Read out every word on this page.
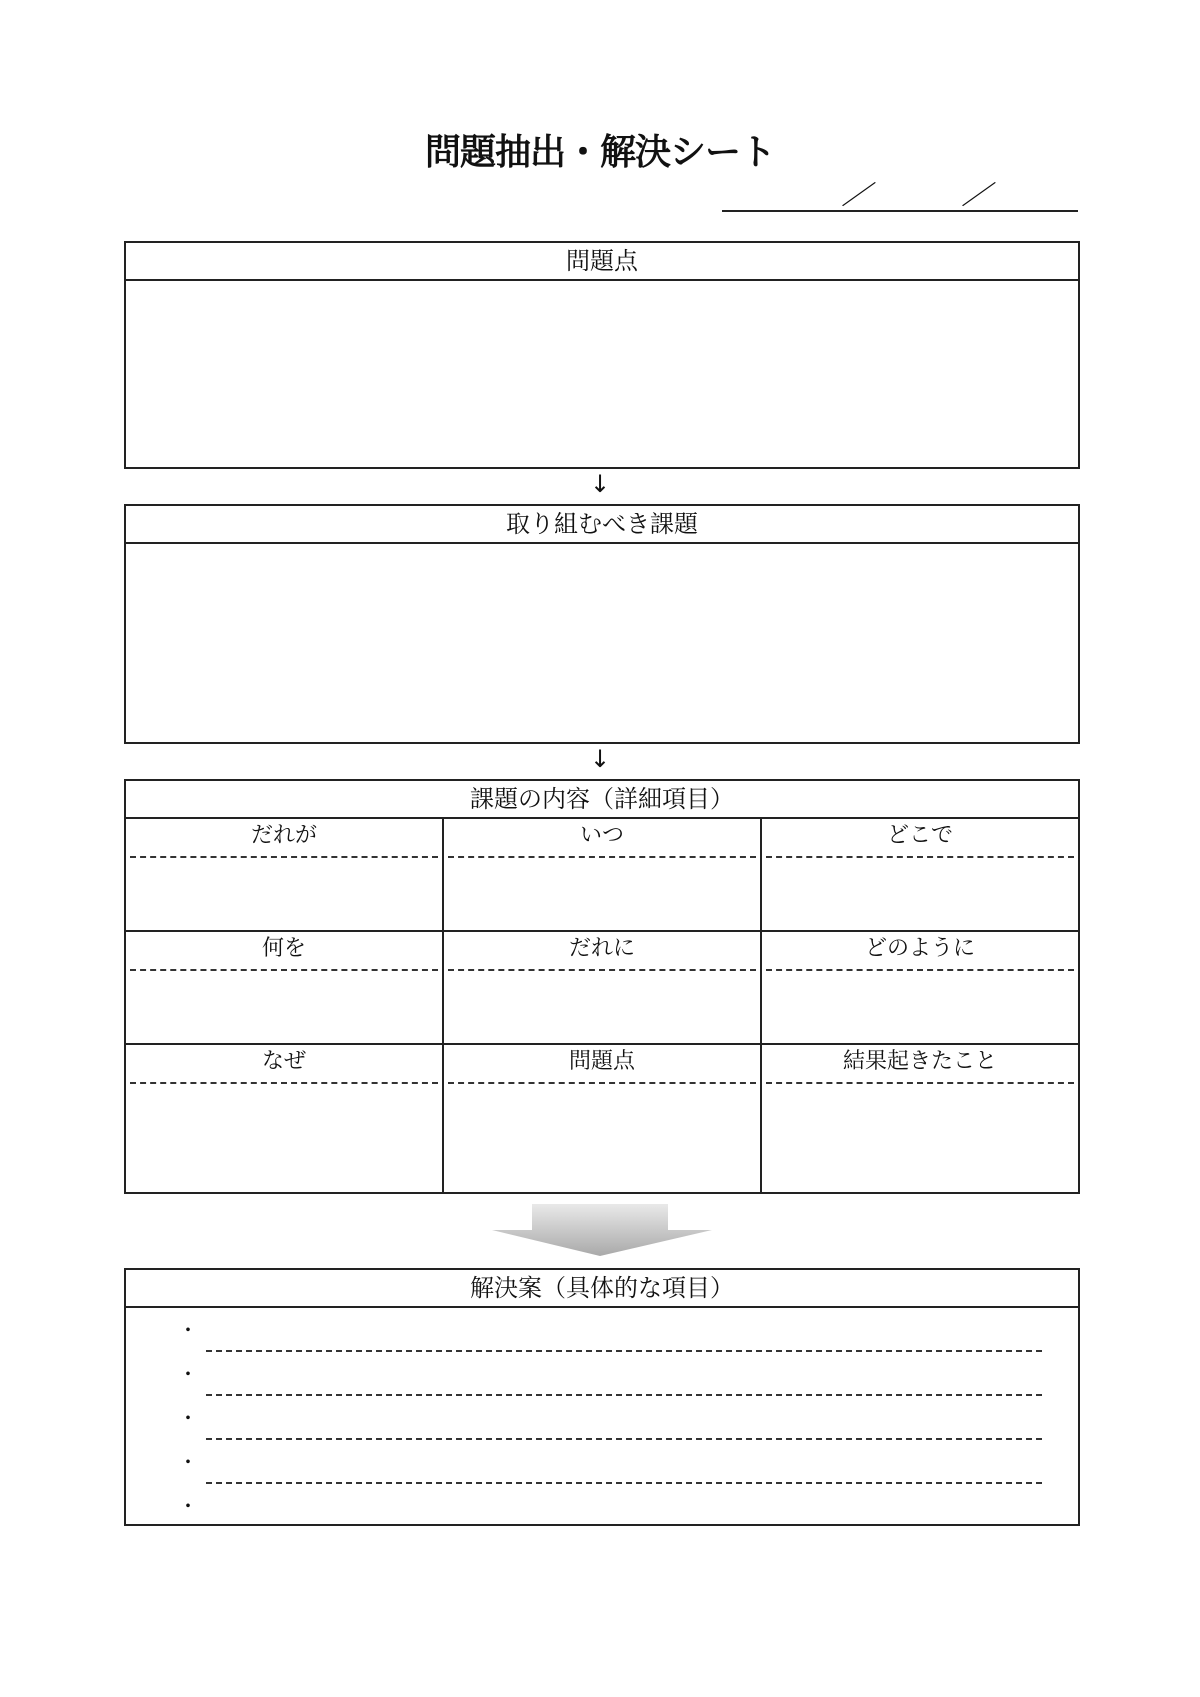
問題抽出・解決シート
／	／
問題点
↓
取り組むべき課題
↓
課題の内容（詳細項目）
だれが	いつ	どこで
何を	だれに	どのように
なぜ	問題点	結果起きたこと
解決案（具体的な項目）
・
・
・
・
・
